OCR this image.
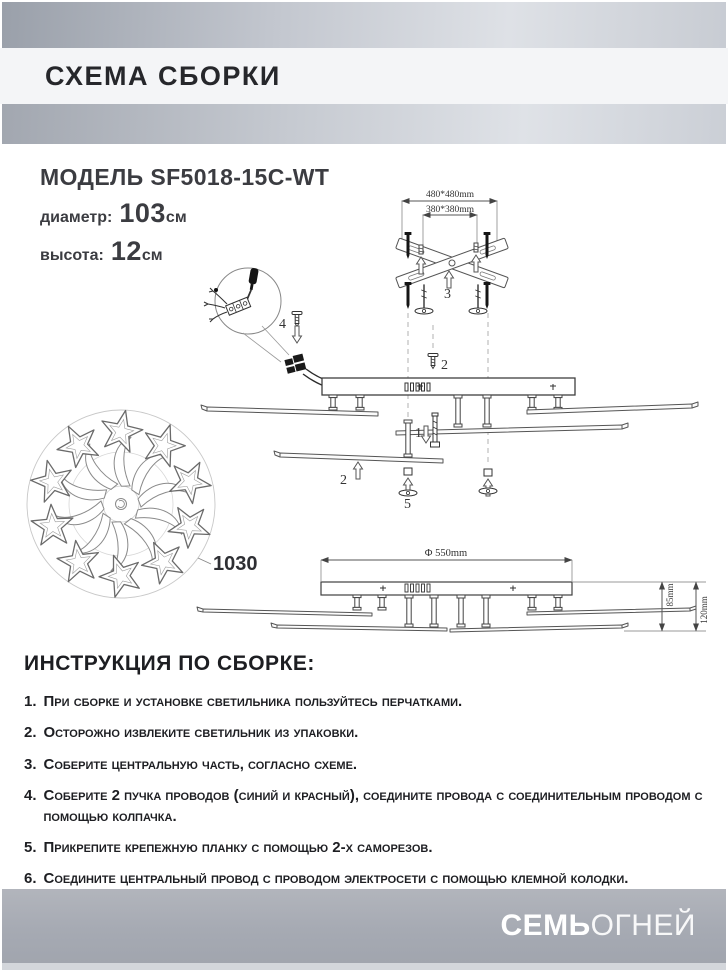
СХЕМА СБОРКИ
МОДЕЛЬ SF5018-15C-WT
диаметр: 103 см
высота: 12 см
480*480mm
380*380mm
3
4
2
1
2
5
1030	Φ 550mm
85mm
120mm
ИНСТРУКЦИЯ ПО СБОРКЕ:
1. При сборке и установке светильника пользуйтесь перчатками.
2. Осторожно извлеките светильник из упаковки.
3. Соберите центральную часть, согласно схеме.
4. Соберите 2 пучка проводов (синий и красный), соедините провода с соединительным проводом с помощью колпачка.
5. Прикрепите крепежную планку с помощью 2-х саморезов.
6. Соедините центральный провод с проводом электросети с помощью клемной колодки.
СЕМЬОГНЕЙ
